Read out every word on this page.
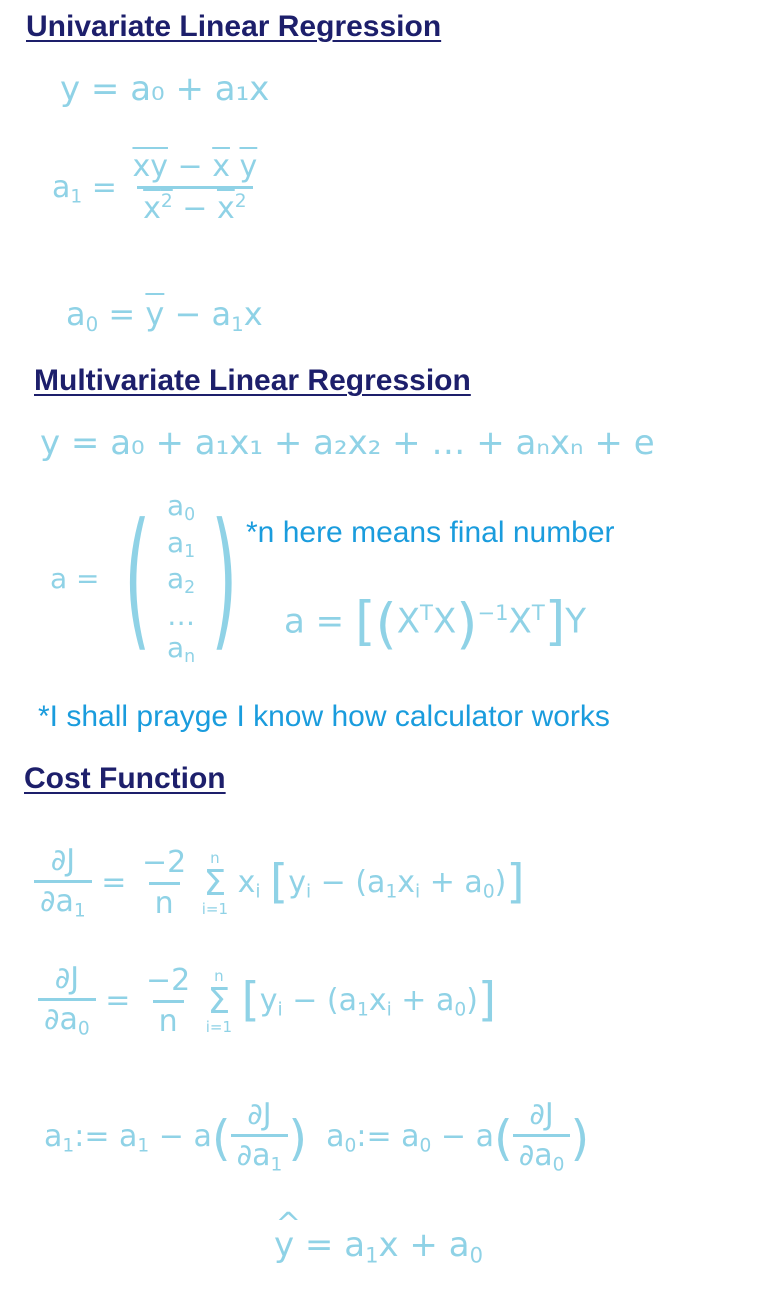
Univariate Linear Regression
y = a₀ + a₁x
$a_1 = \frac{\overline{xy} - \overline{x} \overline{y}}{x^2 - \overline{x}^2}$
$a_0 = \overline{y} - a_1x$
Multivariate Linear Regression
y = a₀ + a₁x₁ + a₂x₂ + … + aₙxₙ + e
a = ( $a_0$
$a_1$
$a_2$
…
$a_n$ ) *n here means final number

$a = [(X^TX)^{-1}X^T]Y$

*I shall prayge I know how calculator works

Cost Function
$\frac{\partial J}{\partial a_1} = \frac{-2}{n}$
n
Σ
i=1
$x_i$ $[y_i - (a_1x_i + a_0)]$
$\frac{\partial J}{\partial a_0} = \frac{-2}{n}$
n
Σ
i=1 $[y_i - (a_1x_i + a_0)]$
$a_1:= a_1 - a( \frac{\partial J}{\partial a_1}$ )  $a_0:= a_0 - a( \frac{\partial J}{\partial a_0}$ )
^ $y = a_1x + a_0$
